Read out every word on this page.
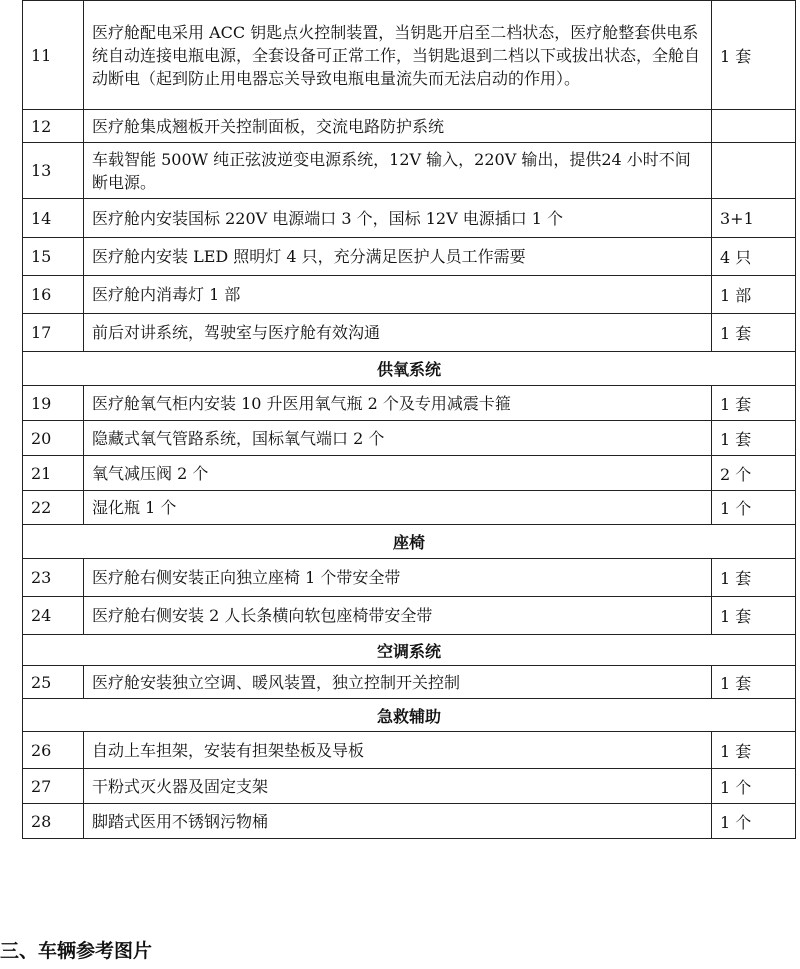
11	医疗舱配电采用 ACC 钥匙点火控制装置，当钥匙开启至二档状态，医疗舱整套供电系统自动连接电瓶电源，全套设备可正常工作，当钥匙退到二档以下或拔出状态，全舱自动断电（起到防止用电器忘关导致电瓶电量流失而无法启动的作用）。	1 套
12	医疗舱集成翘板开关控制面板，交流电路防护系统	
13	车载智能 500W 纯正弦波逆变电源系统，12V 输入，220V 输出，提供24 小时不间断电源。	
14	医疗舱内安装国标 220V 电源端口 3 个，国标 12V 电源插口 1 个	3+1
15	医疗舱内安装 LED 照明灯 4 只，充分满足医护人员工作需要	4 只
16	医疗舱内消毒灯 1 部	1 部
17	前后对讲系统，驾驶室与医疗舱有效沟通	1 套
供氧系统		
19	医疗舱氧气柜内安装 10 升医用氧气瓶 2 个及专用减震卡箍	1 套
20	隐藏式氧气管路系统，国标氧气端口 2 个	1 套
21	氧气减压阀 2 个	2 个
22	湿化瓶 1 个	1 个
座椅		
23	医疗舱右侧安装正向独立座椅 1 个带安全带	1 套
24	医疗舱右侧安装 2 人长条横向软包座椅带安全带	1 套
空调系统		
25	医疗舱安装独立空调、暖风装置，独立控制开关控制	1 套
急救辅助		
26	自动上车担架，安装有担架垫板及导板	1 套
27	干粉式灭火器及固定支架	1 个
28	脚踏式医用不锈钢污物桶	1 个
三、车辆参考图片
